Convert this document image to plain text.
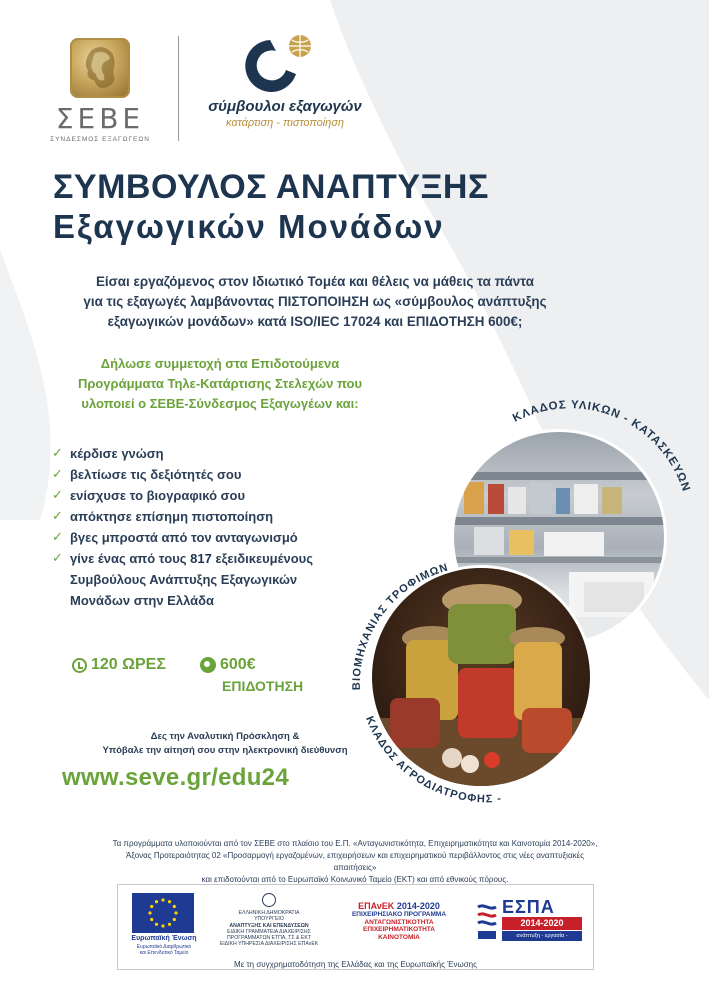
ΣΕΒΕ
ΣΥΝΔΕΣΜΟΣ ΕΞΑΓΩΓΕΩΝ
σύμβουλοι εξαγωγών
κατάρτιση - πιστοποίηση
ΣΥΜΒΟΥΛΟΣ ΑΝΑΠΤΥΞΗΣ
Εξαγωγικών Μονάδων
Είσαι εργαζόμενος στον Ιδιωτικό Τομέα και θέλεις να μάθεις τα πάντα
για τις εξαγωγές λαμβάνοντας ΠΙΣΤΟΠΟΙΗΣΗ ως «σύμβουλος ανάπτυξης
εξαγωγικών μονάδων» κατά ISO/IEC 17024 και ΕΠΙΔΟΤΗΣΗ 600€;
Δήλωσε συμμετοχή στα Επιδοτούμενα
Προγράμματα Τηλε-Κατάρτισης Στελεχών που
υλοποιεί ο ΣΕΒΕ-Σύνδεσμος Εξαγωγέων και:
✓ κέρδισε γνώση
✓ βελτίωσε τις δεξιότητές σου
✓ ενίσχυσε το βιογραφικό σου
✓ απόκτησε επίσημη πιστοποίηση
✓ βγες μπροστά από τον ανταγωνισμό
✓ γίνε ένας από τους 817 εξειδικευμένους
Συμβούλους Ανάπτυξης Εξαγωγικών
Μονάδων στην Ελλάδα
120 ΩΡΕΣ	600€
ΕΠΙΔΟΤΗΣΗ
Δες την Αναλυτική Πρόσκληση &
Υπόβαλε την αίτησή σου στην ηλεκτρονική διεύθυνση
www.seve.gr/edu24
ΚΛΑΔΟΣ ΥΛΙΚΩΝ - ΚΑΤΑΣΚΕΥΩΝ
ΒΙΟΜΗΧΑΝΙΑΣ ΤΡΟΦΙΜΩΝ
ΚΛΑΔΟΣ ΑΓΡΟΔΙΑΤΡΟΦΗΣ -
Τα προγράμματα υλοποιούνται από τον ΣΕΒΕ στο πλαίσιο του Ε.Π. «Ανταγωνιστικότητα, Επιχειρηματικότητα και Καινοτομία 2014-2020»,
Άξονας Προτεραιότητας 02 «Προσαρμογή εργαζομένων, επιχειρήσεων και επιχειρηματικού περιβάλλοντος στις νέες αναπτυξιακές απαιτήσεις»
και επιδοτούνται από το Ευρωπαϊκό Κοινωνικό Ταμείο (ΕΚΤ) και από εθνικούς πόρους.
Ευρωπαϊκή Ένωση
Ευρωπαϊκό Διαρθρωτικό
και Επενδυτικό Ταμείο
ΕΛΛΗΝΙΚΗ ΔΗΜΟΚΡΑΤΙΑ
ΥΠΟΥΡΓΕΙΟ
ΑΝΑΠΤΥΞΗΣ ΚΑΙ ΕΠΕΝΔΥΣΕΩΝ
ΕΙΔΙΚΗ ΓΡΑΜΜΑΤΕΙΑ ΔΙΑΧΕΙΡΙΣΗΣ
ΠΡΟΓΡΑΜΜΑΤΩΝ ΕΤΠΑ, ΤΣ & ΕΚΤ
ΕΙΔΙΚΗ ΥΠΗΡΕΣΙΑ ΔΙΑΧΕΙΡΙΣΗΣ ΕΠΑνΕΚ
ΕΠΑνΕΚ 2014-2020
ΕΠΙΧΕΙΡΗΣΙΑΚΟ ΠΡΟΓΡΑΜΜΑ
ΑΝΤΑΓΩΝΙΣΤΙΚΟΤΗΤΑ
ΕΠΙΧΕΙΡΗΜΑΤΙΚΟΤΗΤΑ
ΚΑΙΝΟΤΟΜΙΑ
ΕΣΠΑ
2014-2020
ανάπτυξη - εργασία - αλληλεγγύη
Με τη συγχρηματοδότηση της Ελλάδας και της Ευρωπαϊκής Ένωσης
